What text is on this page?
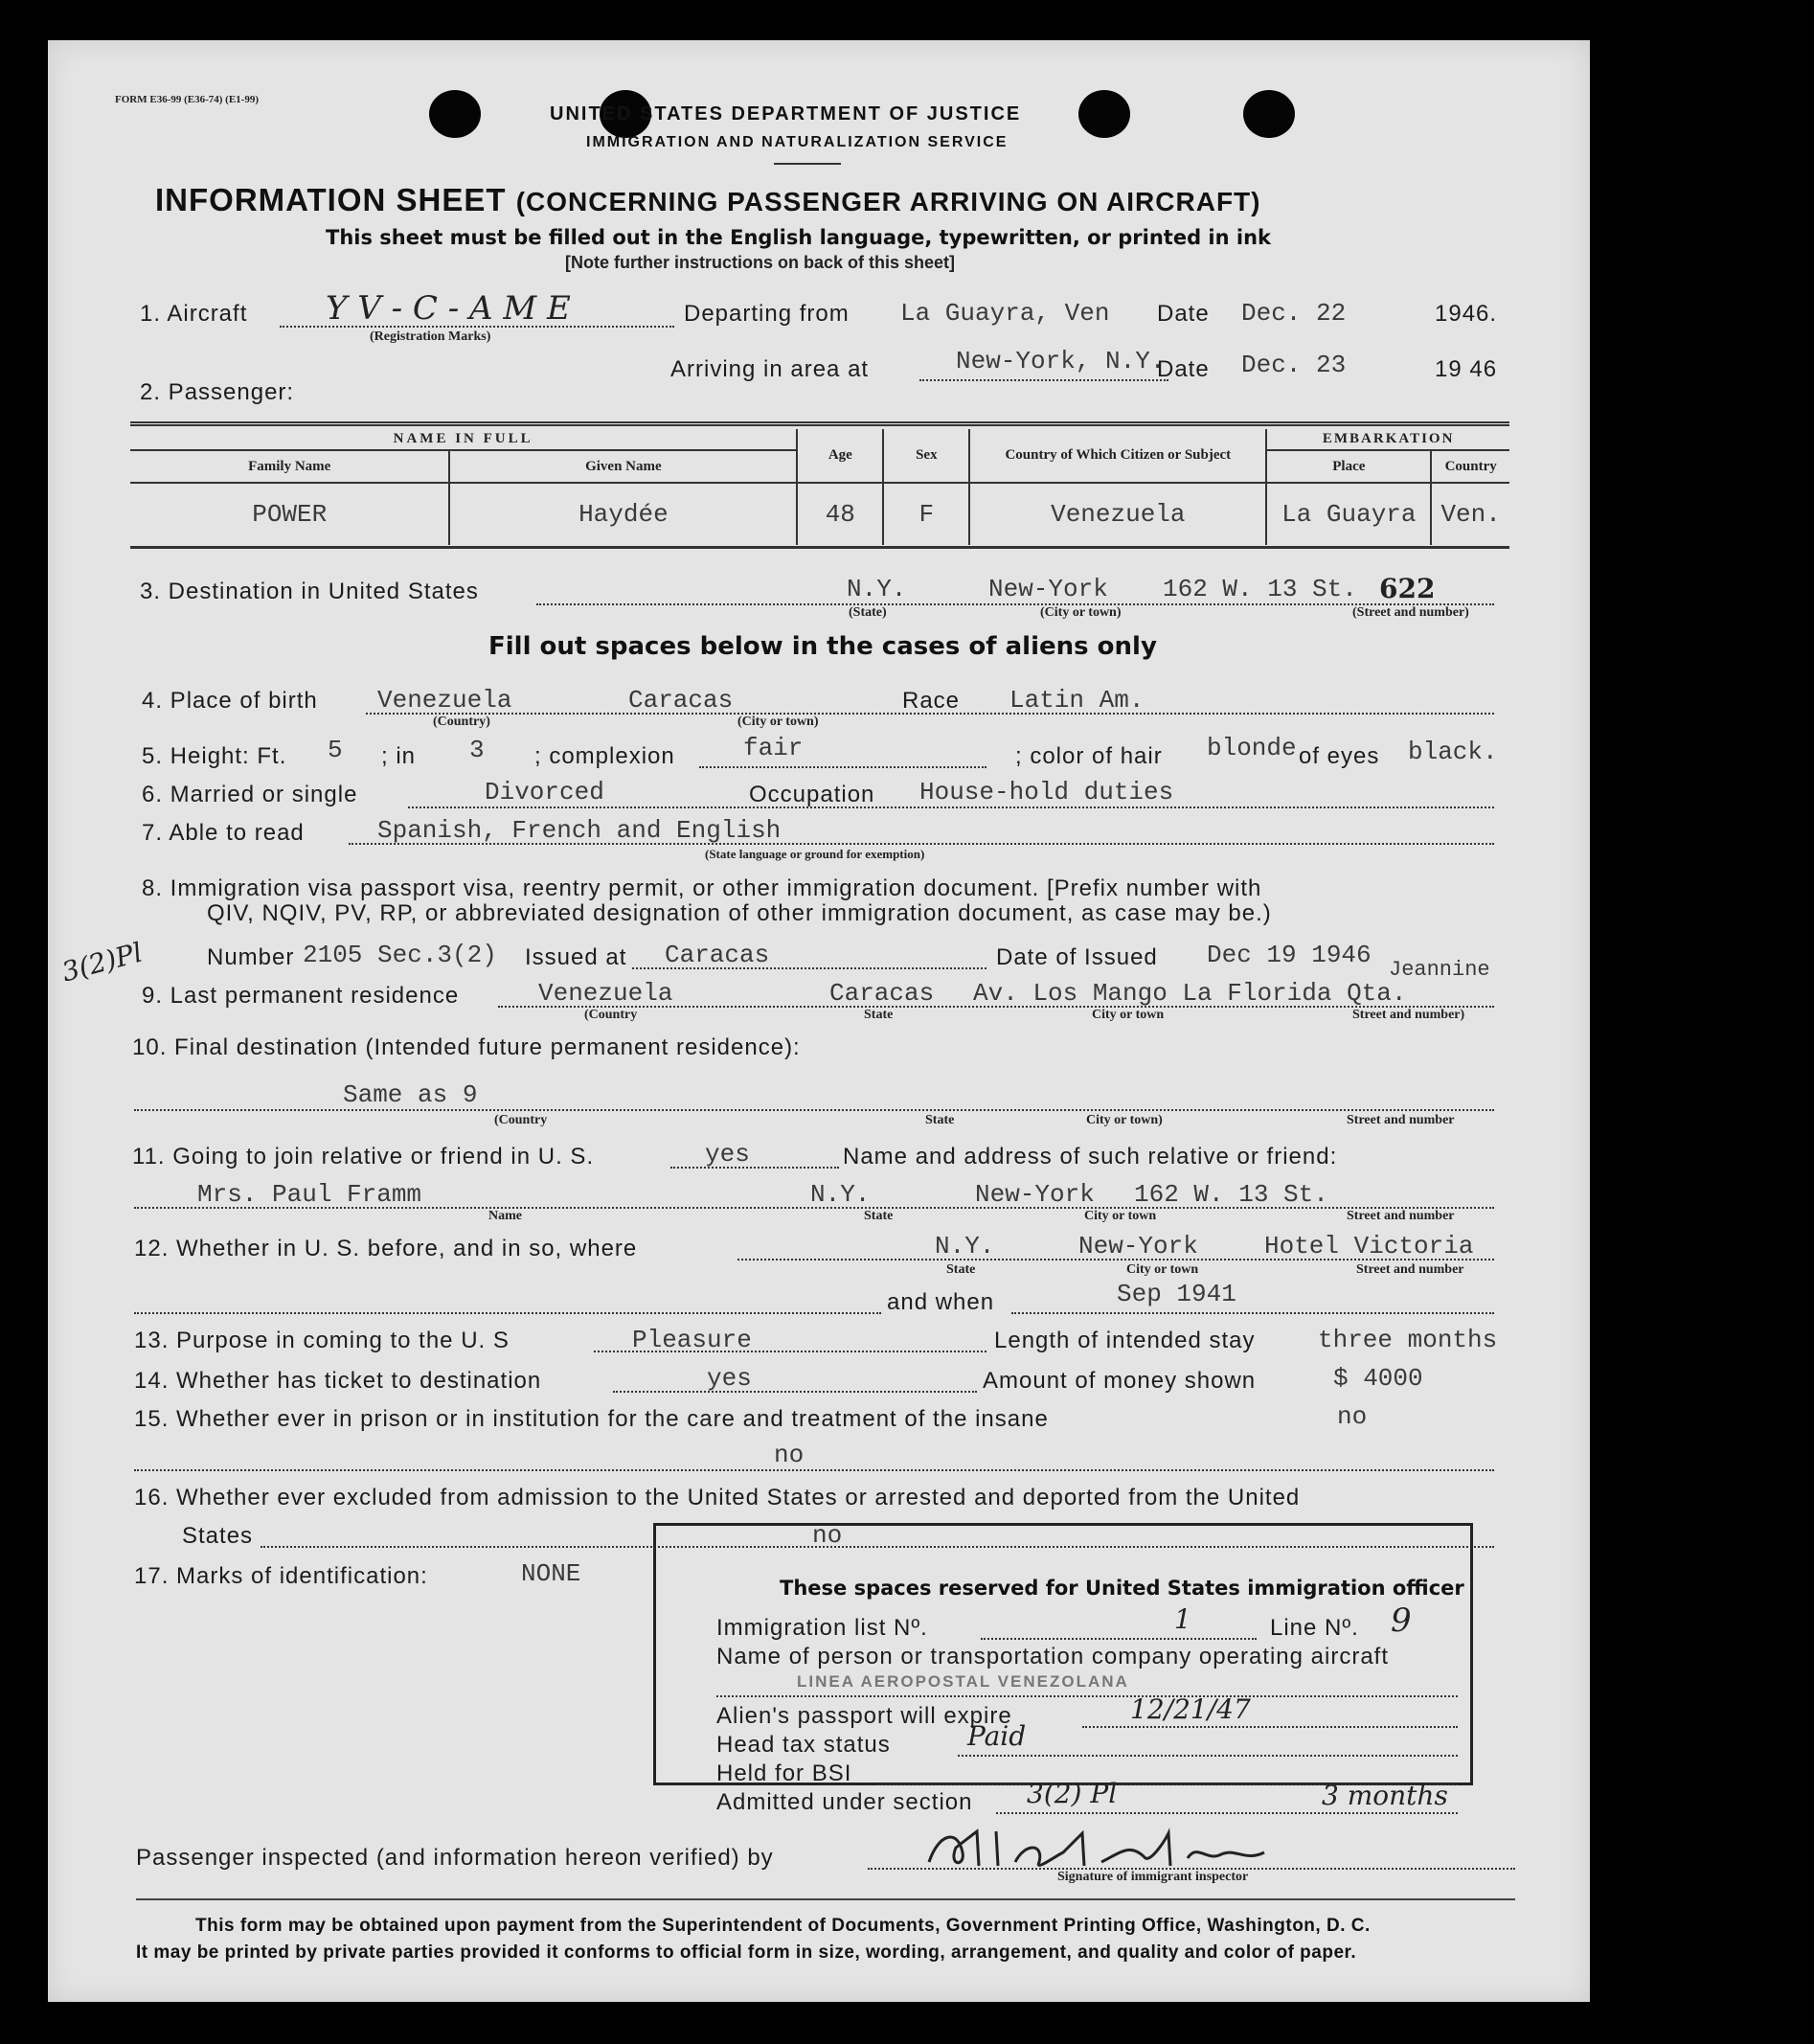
FORM E36-99 (E36-74) (E1-99)
UNITED STATES DEPARTMENT OF JUSTICE
IMMIGRATION AND NATURALIZATION SERVICE
INFORMATION SHEET (CONCERNING PASSENGER ARRIVING ON AIRCRAFT)
This sheet must be filled out in the English language, typewritten, or printed in ink
[Note further instructions on back of this sheet]
1. Aircraft Y V - C - A M E
(Registration Marks)
Departing from La Guayra, Ven Date Dec. 22	1946.
Arriving in area at	New-York, N.Y.
Date Dec. 23	19 46
2. Passenger:
NAME IN FULL		Age	Sex	Country of Which Citizen or Subject	EMBARKATION	
Family Name	Given Name				Place	Country
POWER	Haydée	48	F	Venezuela	La Guayra	Ven.
3. Destination in United States	N.Y.	New-York 162 W. 13 St. 622
(State)	(City or town)	(Street and number)
Fill out spaces below in the cases of aliens only
4. Place of birth Venezuela	Caracas
(Country)	(City or town)
Race Latin Am.
5. Height: Ft. 5 ; in 3 ; complexion	fair	; color of hair blonde of eyes black.
6. Married or single	Divorced	Occupation House-hold duties
7. Able to read	Spanish, French and English
(State language or ground for exemption)
8. Immigration visa passport visa, reentry permit, or other immigration document. [Prefix number with
QIV, NQIV, PV, RP, or abbreviated designation of other immigration document, as case may be.)
3(2)Pl	Number 2105 Sec.3(2) Issued at Caracas	Date of Issued Dec 19 1946
9. Last permanent residence	Venezuela	Caracas Av. Los Mango La Florida Qta.
Jeannine
(Country	State	City or town	Street and number)
10. Final destination (Intended future permanent residence):
Same as 9
(Country	State	City or town)	Street and number
11. Going to join relative or friend in U. S.	yes	Name and address of such relative or friend:
Mrs. Paul Framm	N.Y.	New-York 162 W. 13 St.
Name	State	City or town	Street and number
12. Whether in U. S. before, and in so, where	N.Y.	New-York	Hotel Victoria
State	City or town	Street and number
and when	Sep 1941
13. Purpose in coming to the U. S	Pleasure	Length of intended stay	three months
14. Whether has ticket to destination	yes	Amount of money shown	$ 4000
15. Whether ever in prison or in institution for the care and treatment of the insane	no
no
16. Whether ever excluded from admission to the United States or arrested and deported from the United
States	no
17. Marks of identification:	NONE	These spaces reserved for United States immigration officer
Immigration list Nº.	1	Line Nº. 9
Name of person or transportation company operating aircraft
LINEA AEROPOSTAL VENEZOLANA
Alien's passport will expire	12/21/47
Head tax status	Paid
Held for BSI
Admitted under section 3(2) Pl	3 months
Passenger inspected (and information hereon verified) by
Signature of immigrant inspector
This form may be obtained upon payment from the Superintendent of Documents, Government Printing Office, Washington, D. C.
It may be printed by private parties provided it conforms to official form in size, wording, arrangement, and quality and color of paper.
